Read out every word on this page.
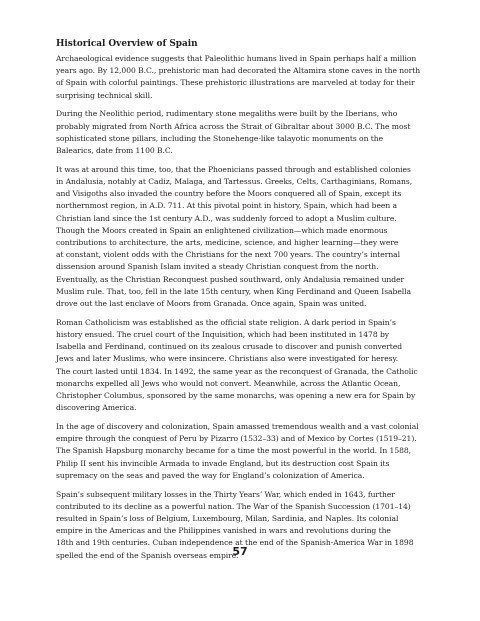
Historical Overview of Spain
Archaeological evidence suggests that Paleolithic humans lived in Spain perhaps half a million
years ago. By 12,000 B.C., prehistoric man had decorated the Altamira stone caves in the north
of Spain with colorful paintings. These prehistoric illustrations are marveled at today for their
surprising technical skill.
During the Neolithic period, rudimentary stone megaliths were built by the Iberians, who
probably migrated from North Africa across the Strait of Gibraltar about 3000 B.C. The most
sophisticated stone pillars, including the Stonehenge-like talayotic monuments on the
Balearics, date from 1100 B.C.
It was at around this time, too, that the Phoenicians passed through and established colonies
in Andalusia, notably at Cadiz, Malaga, and Tartessus. Greeks, Celts, Carthaginians, Romans,
and Visigoths also invaded the country before the Moors conquered all of Spain, except its
northernmost region, in A.D. 711. At this pivotal point in history, Spain, which had been a
Christian land since the 1st century A.D., was suddenly forced to adopt a Muslim culture.
Though the Moors created in Spain an enlightened civilization—which made enormous
contributions to architecture, the arts, medicine, science, and higher learning—they were
at constant, violent odds with the Christians for the next 700 years. The country’s internal
dissension around Spanish Islam invited a steady Christian conquest from the north.
Eventually, as the Christian Reconquest pushed southward, only Andalusia remained under
Muslim rule. That, too, fell in the late 15th century, when King Ferdinand and Queen Isabella
drove out the last enclave of Moors from Granada. Once again, Spain was united.
Roman Catholicism was established as the official state religion. A dark period in Spain’s
history ensued. The cruel court of the Inquisition, which had been instituted in 1478 by
Isabella and Ferdinand, continued on its zealous crusade to discover and punish converted
Jews and later Muslims, who were insincere. Christians also were investigated for heresy.
The court lasted until 1834. In 1492, the same year as the reconquest of Granada, the Catholic
monarchs expelled all Jews who would not convert. Meanwhile, across the Atlantic Ocean,
Christopher Columbus, sponsored by the same monarchs, was opening a new era for Spain by
discovering America.
In the age of discovery and colonization, Spain amassed tremendous wealth and a vast colonial
empire through the conquest of Peru by Pizarro (1532–33) and of Mexico by Cortes (1519–21).
The Spanish Hapsburg monarchy became for a time the most powerful in the world. In 1588,
Philip II sent his invincible Armada to invade England, but its destruction cost Spain its
supremacy on the seas and paved the way for England’s colonization of America.
Spain’s subsequent military losses in the Thirty Years’ War, which ended in 1643, further
contributed to its decline as a powerful nation. The War of the Spanish Succession (1701–14)
resulted in Spain’s loss of Belgium, Luxembourg, Milan, Sardinia, and Naples. Its colonial
empire in the Americas and the Philippines vanished in wars and revolutions during the
18th and 19th centuries. Cuban independence at the end of the Spanish-America War in 1898
spelled the end of the Spanish overseas empire.
57
